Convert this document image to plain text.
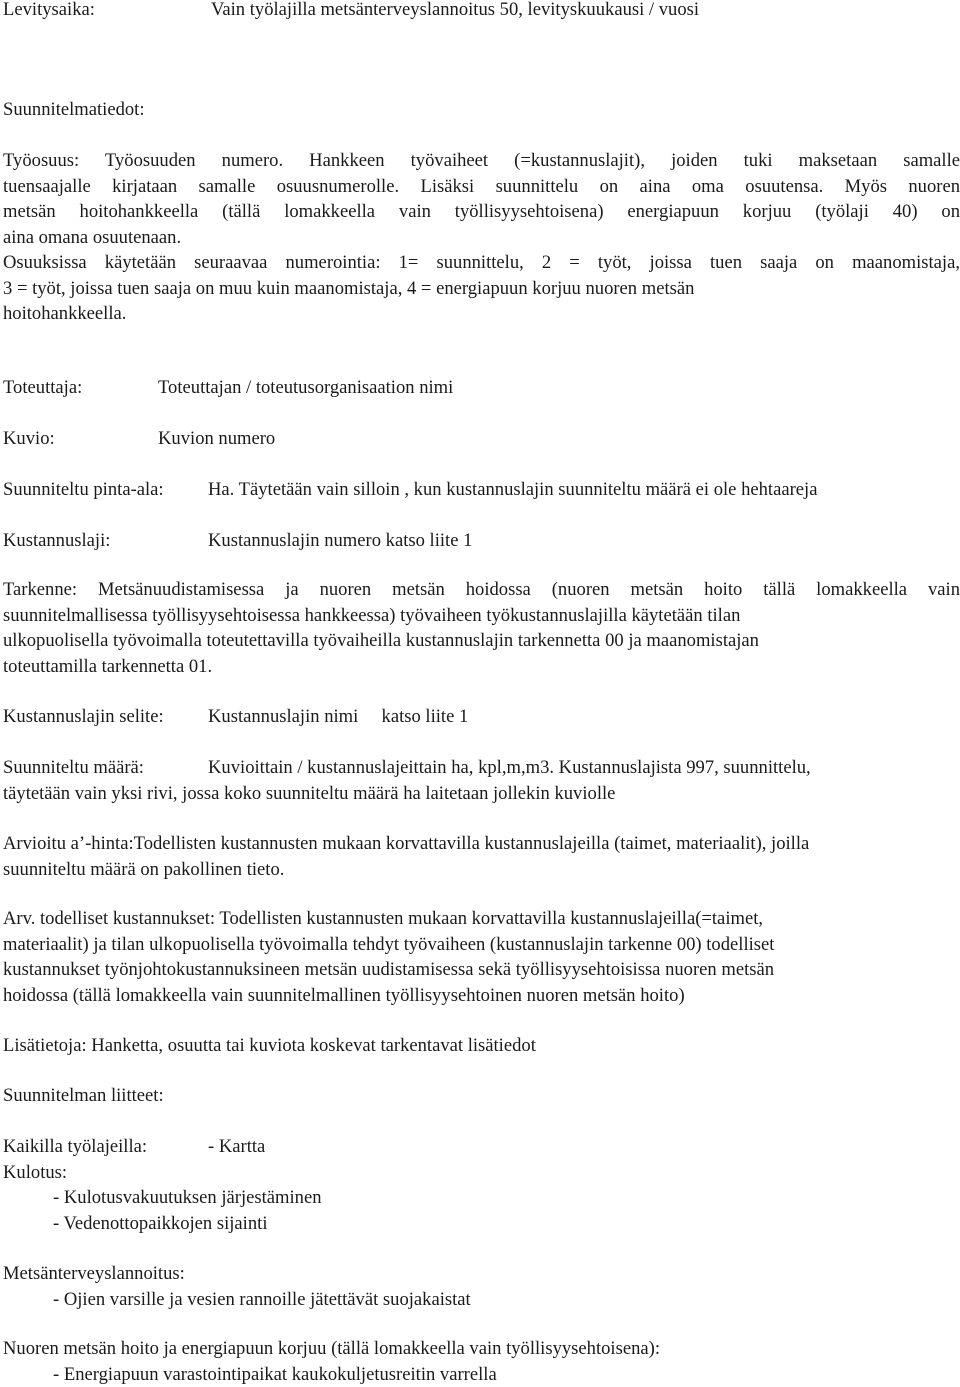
Levitysaika:	Vain työlajilla metsänterveyslannoitus 50, levityskuukausi / vuosi
Suunnitelmatiedot:
Työosuus: Työosuuden numero. Hankkeen työvaiheet (=kustannuslajit), joiden tuki maksetaan samalle
tuensaajalle kirjataan samalle osuusnumerolle. Lisäksi suunnittelu on aina oma osuutensa. Myös nuoren
metsän hoitohankkeella (tällä lomakkeella vain työllisyysehtoisena) energiapuun korjuu (työlaji 40) on
aina omana osuutenaan.
Osuuksissa käytetään seuraavaa numerointia: 1= suunnittelu, 2 = työt, joissa tuen saaja on maanomistaja,
3 = työt, joissa tuen saaja on muu kuin maanomistaja, 4 = energiapuun korjuu nuoren metsän
hoitohankkeella.
Toteuttaja:	Toteuttajan / toteutusorganisaation nimi
Kuvio:	Kuvion numero
Suunniteltu pinta-ala: Ha. Täytetään vain silloin , kun kustannuslajin suunniteltu määrä ei ole hehtaareja
Kustannuslaji:	Kustannuslajin numero katso liite 1
Tarkenne: Metsänuudistamisessa ja nuoren metsän hoidossa (nuoren metsän hoito tällä lomakkeella vain
suunnitelmallisessa työllisyysehtoisessa hankkeessa) työvaiheen työkustannuslajilla käytetään tilan
ulkopuolisella työvoimalla toteutettavilla työvaiheilla kustannuslajin tarkennetta 00 ja maanomistajan
toteuttamilla tarkennetta 01.
Kustannuslajin selite: Kustannuslajin nimi     katso liite 1
Suunniteltu määrä:	Kuvioittain / kustannuslajeittain ha, kpl,m,m3. Kustannuslajista 997, suunnittelu,
täytetään vain yksi rivi, jossa koko suunniteltu määrä ha laitetaan jollekin kuviolle
Arvioitu a’-hinta:Todellisten kustannusten mukaan korvattavilla kustannuslajeilla (taimet, materiaalit), joilla
suunniteltu määrä on pakollinen tieto.
Arv. todelliset kustannukset: Todellisten kustannusten mukaan korvattavilla kustannuslajeilla(=taimet,
materiaalit) ja tilan ulkopuolisella työvoimalla tehdyt työvaiheen (kustannuslajin tarkenne 00) todelliset
kustannukset työnjohtokustannuksineen metsän uudistamisessa sekä työllisyysehtoisissa nuoren metsän
hoidossa (tällä lomakkeella vain suunnitelmallinen työllisyysehtoinen nuoren metsän hoito)
Lisätietoja: Hanketta, osuutta tai kuviota koskevat tarkentavat lisätiedot
Suunnitelman liitteet:
Kaikilla työlajeilla:	- Kartta
Kulotus:
- Kulotusvakuutuksen järjestäminen
- Vedenottopaikkojen sijainti
Metsänterveyslannoitus:
- Ojien varsille ja vesien rannoille jätettävät suojakaistat
Nuoren metsän hoito ja energiapuun korjuu (tällä lomakkeella vain työllisyysehtoisena):
- Energiapuun varastointipaikat kaukokuljetusreitin varrella
